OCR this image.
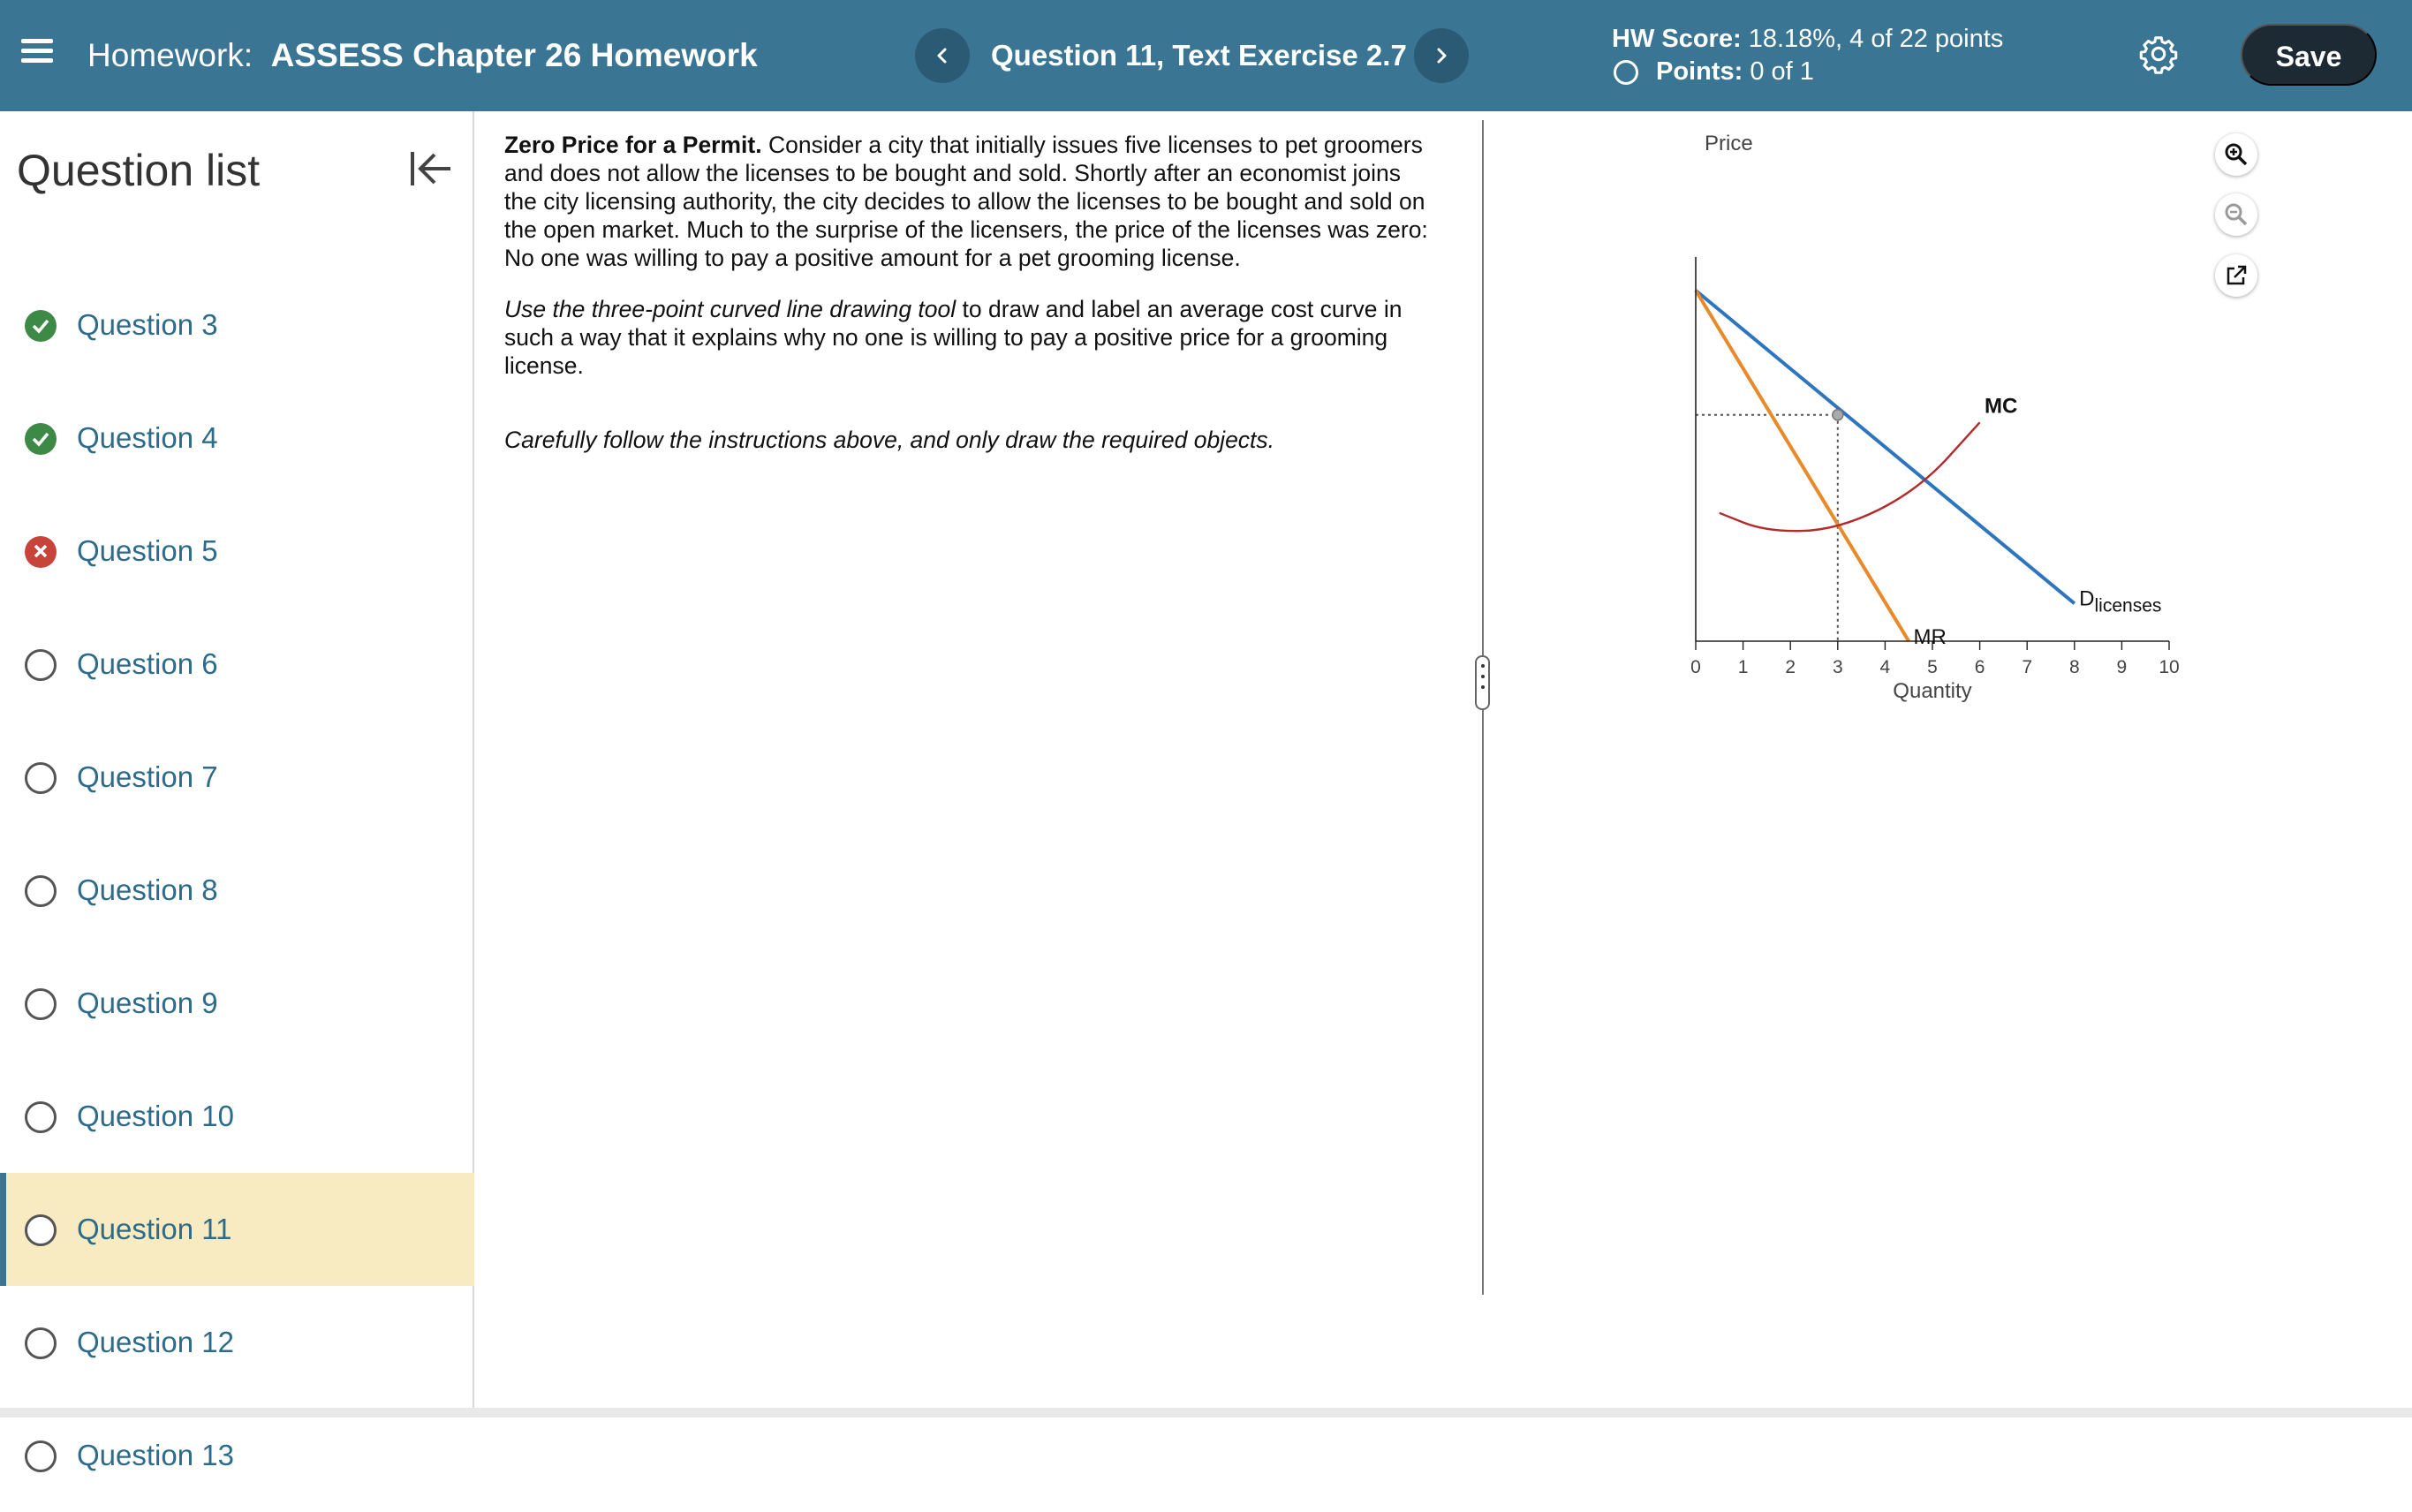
Homework: ASSESS Chapter 26 Homework	Question 11, Text Exercise 2.7	HW Score: 18.18%, 4 of 22 points
Points:
0 of 1	Save
Question list
Question 3
Question 4
Question 5
Question 6
Question 7
Question 8
Question 9
Question 10
Question 11
Question 12
Question 13

Zero Price for a Permit. Consider a city that initially issues five licenses to pet groomers and does not allow the licenses to be bought and sold. Shortly after an economist joins the city licensing authority, the city decides to allow the licenses to be bought and sold on the open market. Much to the surprise of the licensers, the price of the licenses was zero: No one was willing to pay a positive amount for a pet grooming license.

Use the three-point curved line drawing tool to draw and label an average cost curve in such a way that it explains why no one is willing to pay a positive price for a grooming license.

Carefully follow the instructions above, and only draw the required objects.

0 1 2 3 4 5 6 7 8 9 10
Price
Quantity
MC
MR
Dlicenses
